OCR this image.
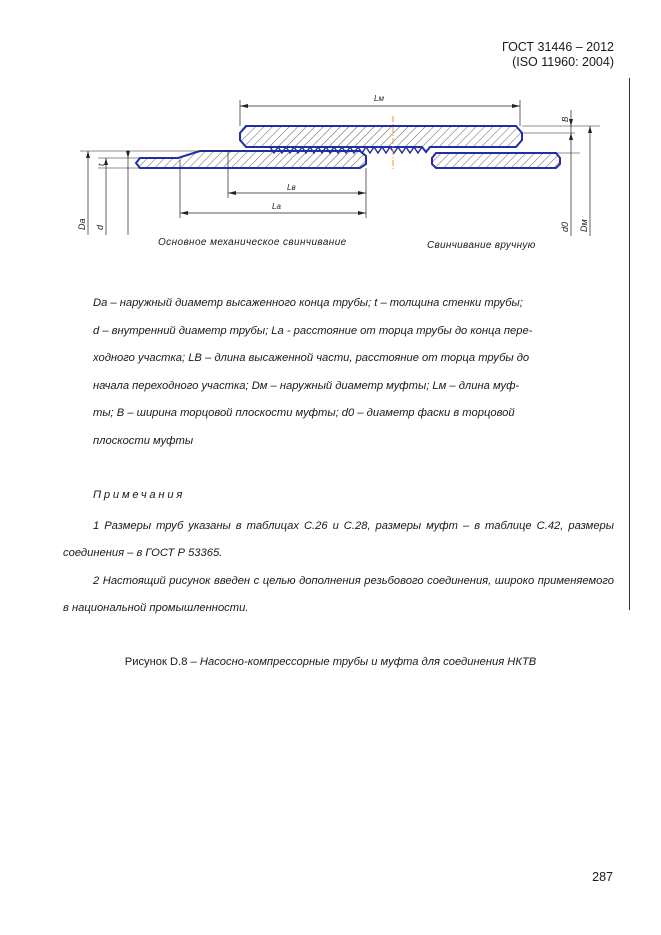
ГОСТ 31446 – 2012
(ISO 11960: 2004)
Lм
Lв
La
t
Dа d
B
d0 Dм
Основное механическое свинчивание	Свинчивание вручную

Dа – наружный диаметр высаженного конца трубы; t – толщина стенки трубы;

d – внутренний диаметр трубы; La - расстояние от торца трубы до конца пере-

ходного участка; LB – длина высаженной части, расстояние от торца трубы до

начала переходного участка; Dм – наружный диаметр муфты; Lм – длина муф-

ты; B – ширина торцовой плоскости муфты; d0 – диаметр фаски в торцовой

плоскости муфты

Примечания
1 Размеры труб указаны в таблицах С.26 и С.28, размеры муфт – в таблице С.42, размеры соединения – в ГОСТ Р 53365.
2 Настоящий рисунок введен с целью дополнения резьбового соединения, широко применяемого в национальной промышленности.
Рисунок D.8 – Насосно-компрессорные трубы и муфта для соединения НКТВ
287
